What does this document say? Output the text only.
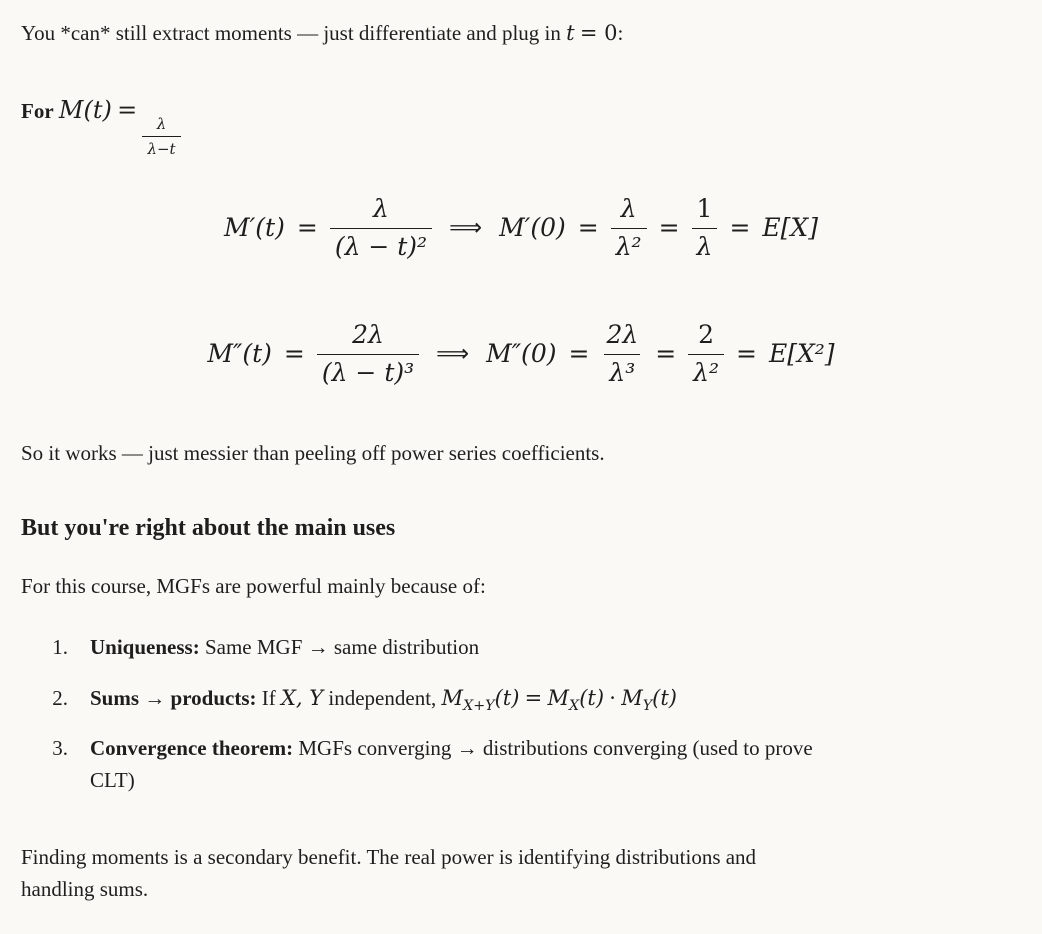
You *can* still extract moments — just differentiate and plug in t = 0:

For M(t) =
$\frac{\lambda}{\lambda-t}$

$M'(t) = \frac{\lambda}{\text{(λ − t)²}}$ ⟹ $M'(0) = \frac{\lambda}{\text{λ²}} = \frac{1}{\lambda} = E[X]$
$M''(t) = \frac{2\lambda}{\text{(λ − t)³}}$ ⟹ $M''(0) = \frac{2\lambda}{\text{λ³}} = \frac{2}{\text{λ²}} = E[X^2]$

So it works — just messier than peeling off power series coefficients.

But you're right about the main uses

For this course, MGFs are powerful mainly because of:

1. Uniqueness: Same MGF → same distribution
2. Sums → products: If X, Y independent, $M_{X+Y}(t) = M_X(t) \cdot M_Y(t)$
3. Convergence theorem: MGFs converging → distributions converging (used to prove
CLT)

Finding moments is a secondary benefit. The real power is identifying distributions and
handling sums.
